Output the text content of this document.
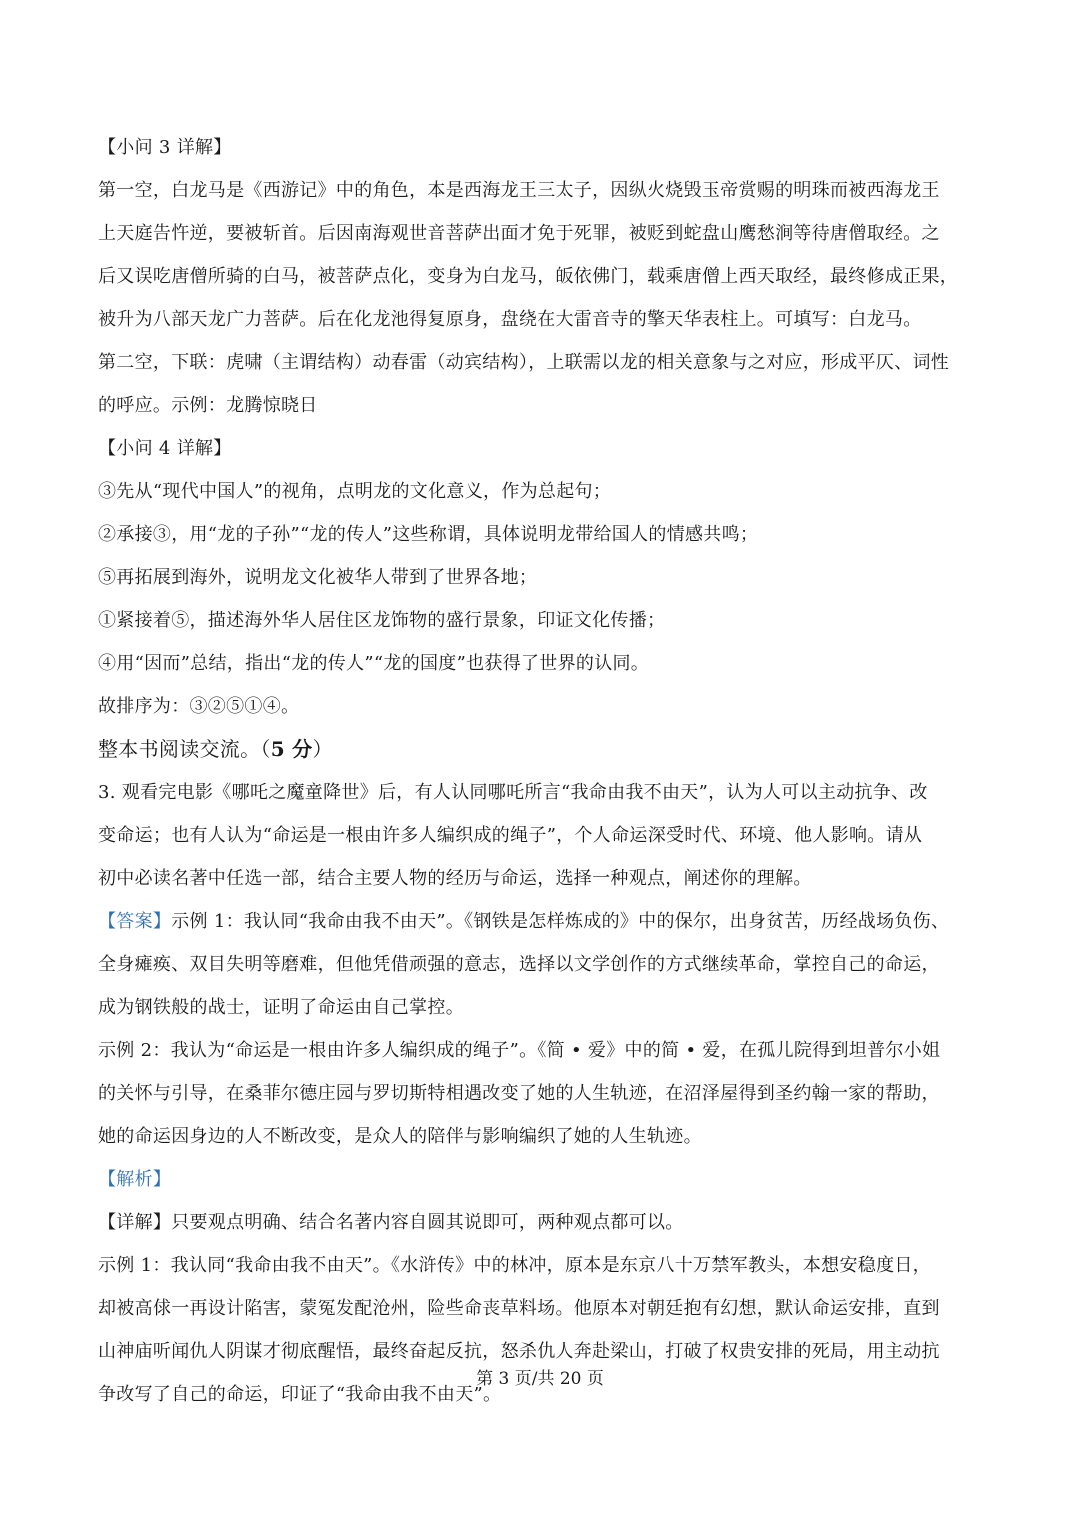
【小问 3 详解】
第一空，白龙马是《西游记》中的角色，本是西海龙王三太子，因纵火烧毁玉帝赏赐的明珠而被西海龙王
上天庭告忤逆，要被斩首。后因南海观世音菩萨出面才免于死罪，被贬到蛇盘山鹰愁涧等待唐僧取经。之
后又误吃唐僧所骑的白马，被菩萨点化，变身为白龙马，皈依佛门，载乘唐僧上西天取经，最终修成正果，
被升为八部天龙广力菩萨。后在化龙池得复原身，盘绕在大雷音寺的擎天华表柱上。可填写：白龙马。
第二空，下联：虎啸（主谓结构）动春雷（动宾结构），上联需以龙的相关意象与之对应，形成平仄、词性
的呼应。示例：龙腾惊晓日
【小问 4 详解】
③先从“现代中国人”的视角，点明龙的文化意义，作为总起句；
②承接③，用“龙的子孙”“龙的传人”这些称谓，具体说明龙带给国人的情感共鸣；
⑤再拓展到海外，说明龙文化被华人带到了世界各地；
①紧接着⑤，描述海外华人居住区龙饰物的盛行景象，印证文化传播；
④用“因而”总结，指出“龙的传人”“龙的国度”也获得了世界的认同。
故排序为：③②⑤①④。
整本书阅读交流。（5 分）
3. 观看完电影《哪吒之魔童降世》后，有人认同哪吒所言“我命由我不由天”，认为人可以主动抗争、改
变命运；也有人认为“命运是一根由许多人编织成的绳子”，个人命运深受时代、环境、他人影响。请从
初中必读名著中任选一部，结合主要人物的经历与命运，选择一种观点，阐述你的理解。
【答案】示例 1：我认同“我命由我不由天”。《钢铁是怎样炼成的》中的保尔，出身贫苦，历经战场负伤、
全身瘫痪、双目失明等磨难，但他凭借顽强的意志，选择以文学创作的方式继续革命，掌控自己的命运，
成为钢铁般的战士，证明了命运由自己掌控。
示例 2：我认为“命运是一根由许多人编织成的绳子”。《简 • 爱》中的简 • 爱，在孤儿院得到坦普尔小姐
的关怀与引导，在桑菲尔德庄园与罗切斯特相遇改变了她的人生轨迹，在沼泽屋得到圣约翰一家的帮助，
她的命运因身边的人不断改变，是众人的陪伴与影响编织了她的人生轨迹。
【解析】
【详解】只要观点明确、结合名著内容自圆其说即可，两种观点都可以。
示例 1：我认同“我命由我不由天”。《水浒传》中的林冲，原本是东京八十万禁军教头，本想安稳度日，
却被高俅一再设计陷害，蒙冤发配沧州，险些命丧草料场。他原本对朝廷抱有幻想，默认命运安排，直到
山神庙听闻仇人阴谋才彻底醒悟，最终奋起反抗，怒杀仇人奔赴梁山，打破了权贵安排的死局，用主动抗
争改写了自己的命运，印证了“我命由我不由天”。
第 3 页/共 20 页
